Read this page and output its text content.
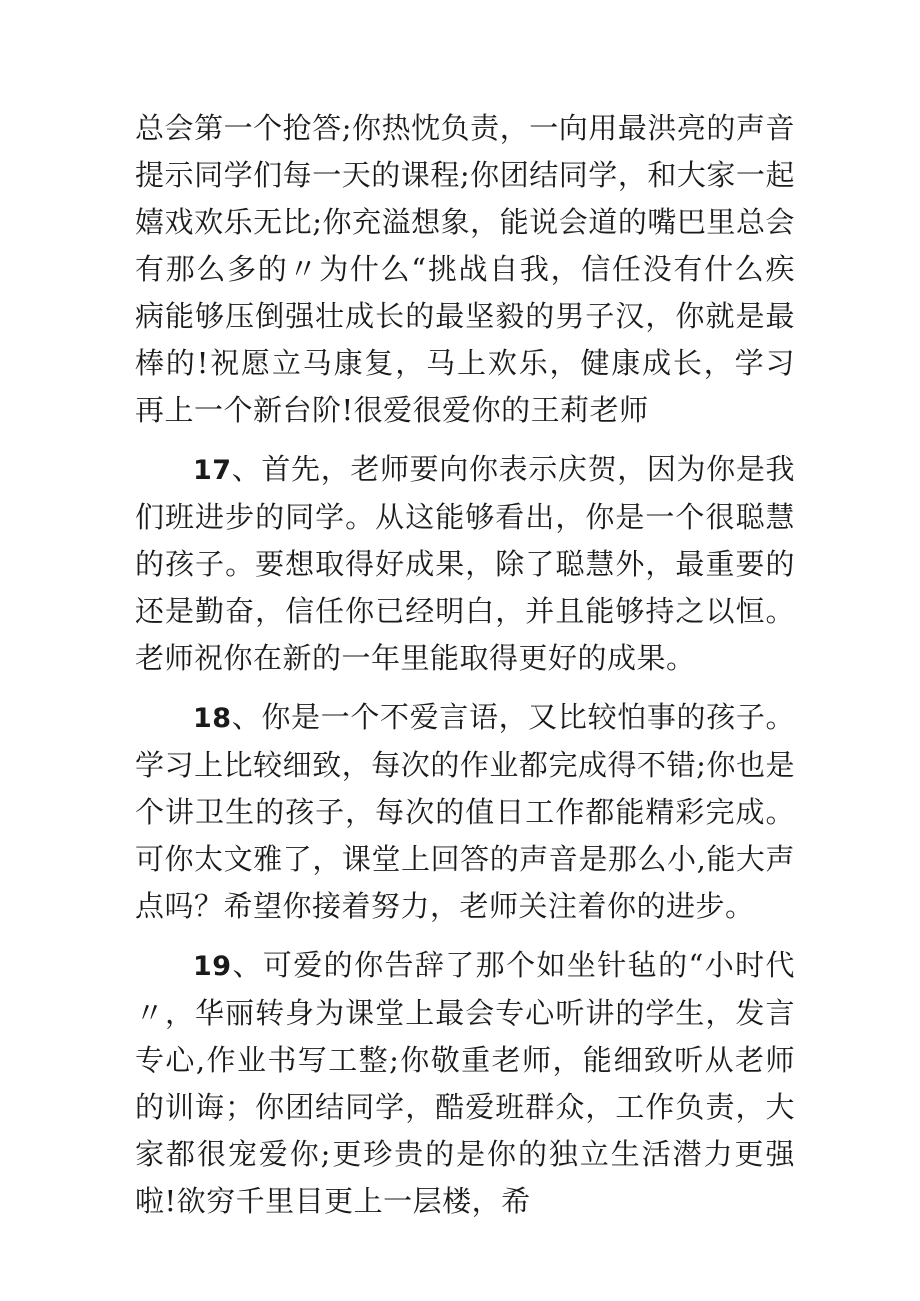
总会第一个抢答;你热忱负责，一向用最洪亮的声音提示同学们每一天的课程;你团结同学，和大家一起嬉戏欢乐无比;你充溢想象，能说会道的嘴巴里总会有那么多的〃为什么“挑战自我，信任没有什么疾病能够压倒强壮成长的最坚毅的男子汉，你就是最棒的!祝愿立马康复，马上欢乐，健康成长，学习再上一个新台阶!很爱很爱你的王莉老师

17、首先，老师要向你表示庆贺，因为你是我们班进步的同学。从这能够看出，你是一个很聪慧的孩子。要想取得好成果，除了聪慧外，最重要的还是勤奋，信任你已经明白，并且能够持之以恒。老师祝你在新的一年里能取得更好的成果。

18、你是一个不爱言语，又比较怕事的孩子。学习上比较细致，每次的作业都完成得不错;你也是个讲卫生的孩子，每次的值日工作都能精彩完成。可你太文雅了，课堂上回答的声音是那么小,能大声点吗？希望你接着努力，老师关注着你的进步。

19、可爱的你告辞了那个如坐针毡的“小时代〃，华丽转身为课堂上最会专心听讲的学生，发言专心,作业书写工整;你敬重老师，能细致听从老师的训诲；你团结同学，酷爱班群众，工作负责，大家都很宠爱你;更珍贵的是你的独立生活潜力更强啦!欲穷千里目更上一层楼，希
